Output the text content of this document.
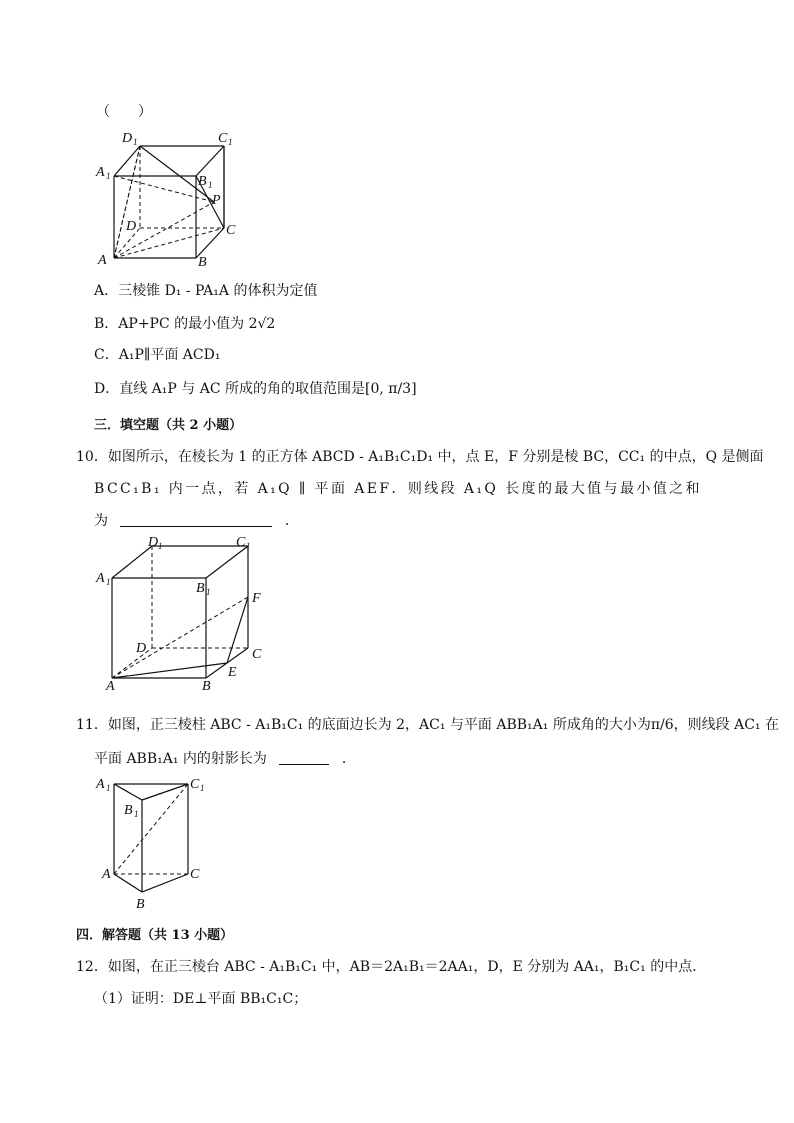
（　　）
D 1	C 1
A 1	B 1
P
D	C
A	B
A．三棱锥 D₁ - PA₁A 的体积为定值
B．AP+PC 的最小值为 2√2
C．A₁P∥平面 ACD₁
D．直线 A₁P 与 AC 所成的角的取值范围是[0, π/3]
三．填空题（共 2 小题）
10．如图所示，在棱长为 1 的正方体 ABCD - A₁B₁C₁D₁ 中，点 E，F 分别是棱 BC，CC₁ 的中点，Q 是侧面
BCC₁B₁ 内一点，若 A₁Q ∥ 平面 AEF．则线段 A₁Q 长度的最大值与最小值之和
为	．
D 1	C 1
A 1	B 1	F
D	C
A	B
E
11．如图，正三棱柱 ABC - A₁B₁C₁ 的底面边长为 2，AC₁ 与平面 ABB₁A₁ 所成角的大小为π/6，则线段 AC₁ 在
平面 ABB₁A₁ 内的射影长为	．
A 1	C 1
B 1
A	C
B
四．解答题（共 13 小题）
12．如图，在正三棱台 ABC - A₁B₁C₁ 中，AB＝2A₁B₁＝2AA₁，D，E 分别为 AA₁，B₁C₁ 的中点．
（1）证明：DE⊥平面 BB₁C₁C；
